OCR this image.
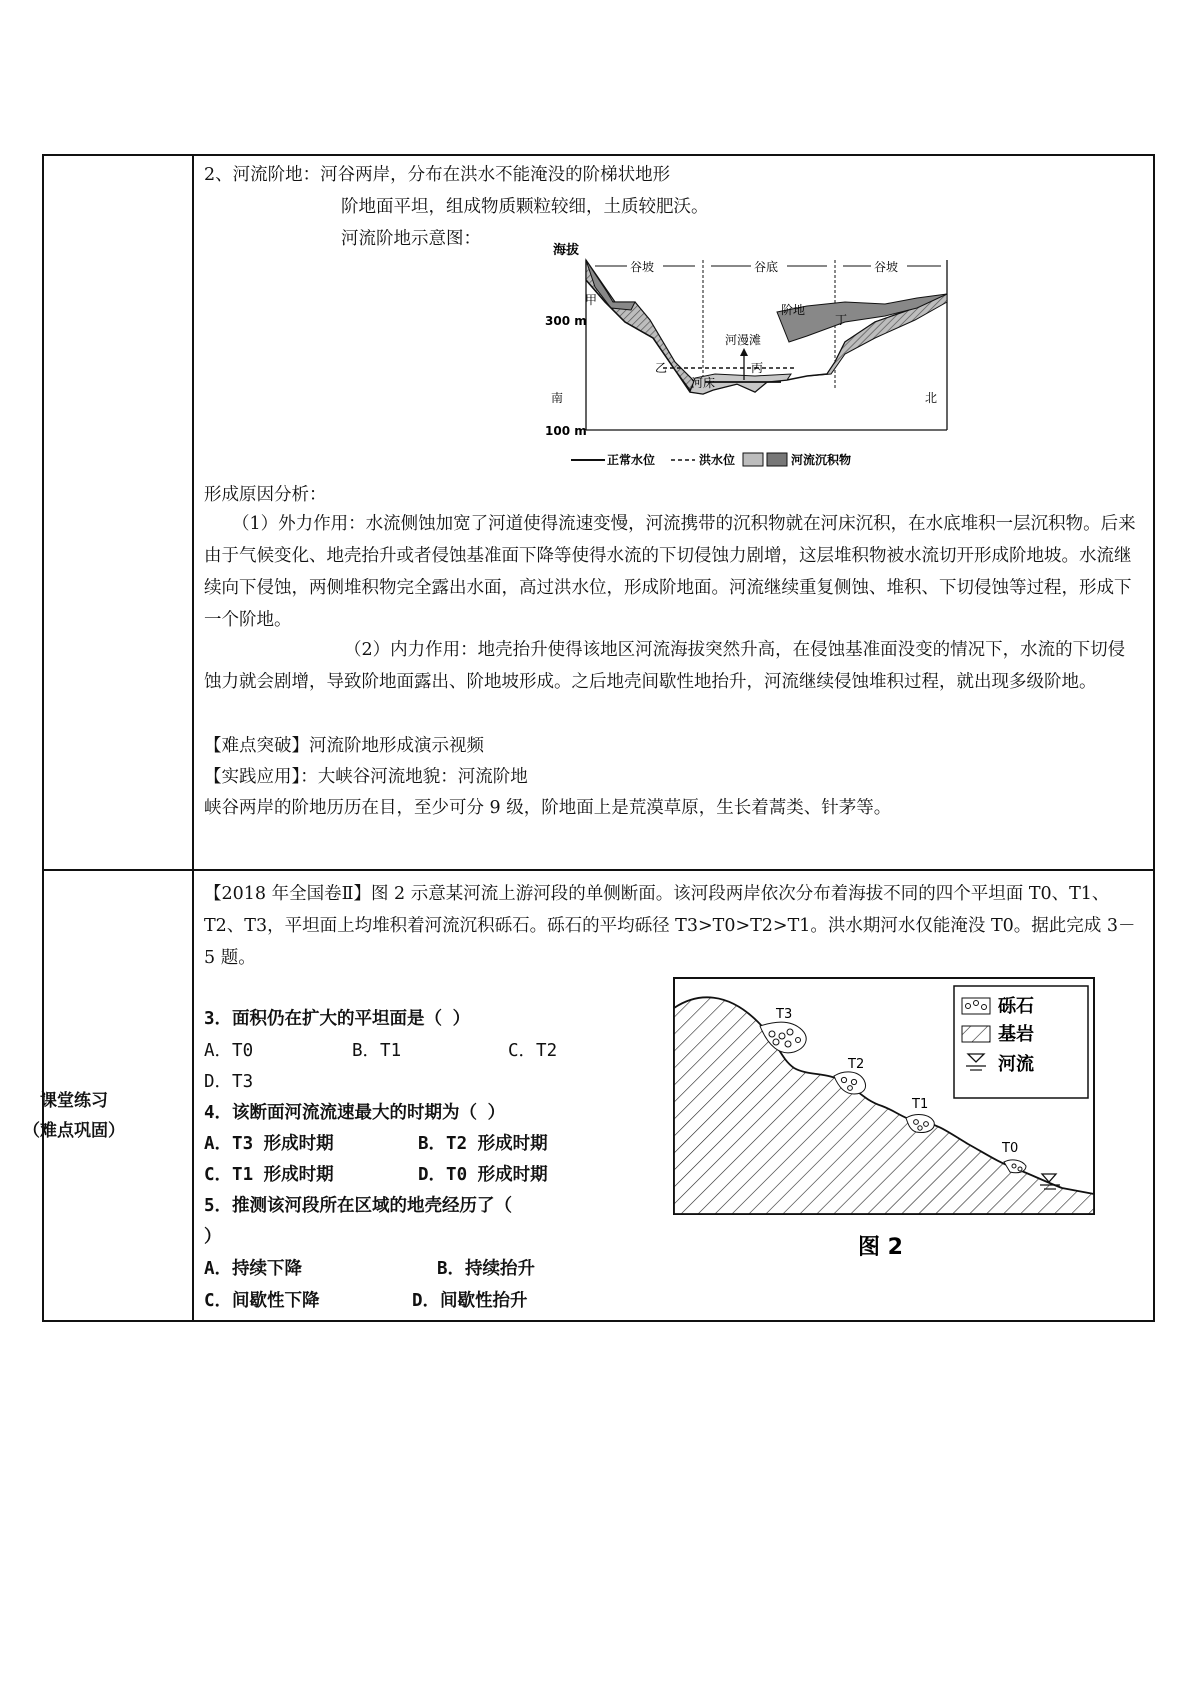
2、河流阶地：河谷两岸，分布在洪水不能淹没的阶梯状地形
阶地面平坦，组成物质颗粒较细，土质较肥沃。
河流阶地示意图：
海拔
300 m
100 m
谷坡	谷底	谷坡
河漫滩
甲
乙	丙
丁
阶地
河床
南	北
正常水位	洪水位	河流沉积物
形成原因分析：
（1）外力作用：水流侧蚀加宽了河道使得流速变慢，河流携带的沉积物就在河床沉积，在水底堆积一层沉积物。后来由于气候变化、地壳抬升或者侵蚀基准面下降等使得水流的下切侵蚀力剧增，这层堆积物被水流切开形成阶地坡。水流继续向下侵蚀，两侧堆积物完全露出水面，高过洪水位，形成阶地面。河流继续重复侧蚀、堆积、下切侵蚀等过程，形成下一个阶地。
（2）内力作用：地壳抬升使得该地区河流海拔突然升高，在侵蚀基准面没变的情况下，水流的下切侵蚀力就会剧增，导致阶地面露出、阶地坡形成。之后地壳间歇性地抬升，河流继续侵蚀堆积过程，就出现多级阶地。
【难点突破】河流阶地形成演示视频
【实践应用】：大峡谷河流地貌：河流阶地
峡谷两岸的阶地历历在目，至少可分 9 级，阶地面上是荒漠草原，生长着蒿类、针茅等。
课堂练习
（难点巩固）
【2018 年全国卷Ⅱ】图 2 示意某河流上游河段的单侧断面。该河段两岸依次分布着海拔不同的四个平坦面 T0、T1、T2、T3，平坦面上均堆积着河流沉积砾石。砾石的平均砾径 T3>T0>T2>T1。洪水期河水仅能淹没 T0。据此完成 3－5 题。
3．面积仍在扩大的平坦面是（ ）
A．T0	B．T1	C．T2
D．T3
4．该断面河流流速最大的时期为（ ）
A．T3 形成时期	B．T2 形成时期
C．T1 形成时期	D．T0 形成时期
5．推测该河段所在区域的地壳经历了（
）
A．持续下降	B．持续抬升
C．间歇性下降	D．间歇性抬升
T3
T2
T1
T0
砾石
基岩
河流
图 2
